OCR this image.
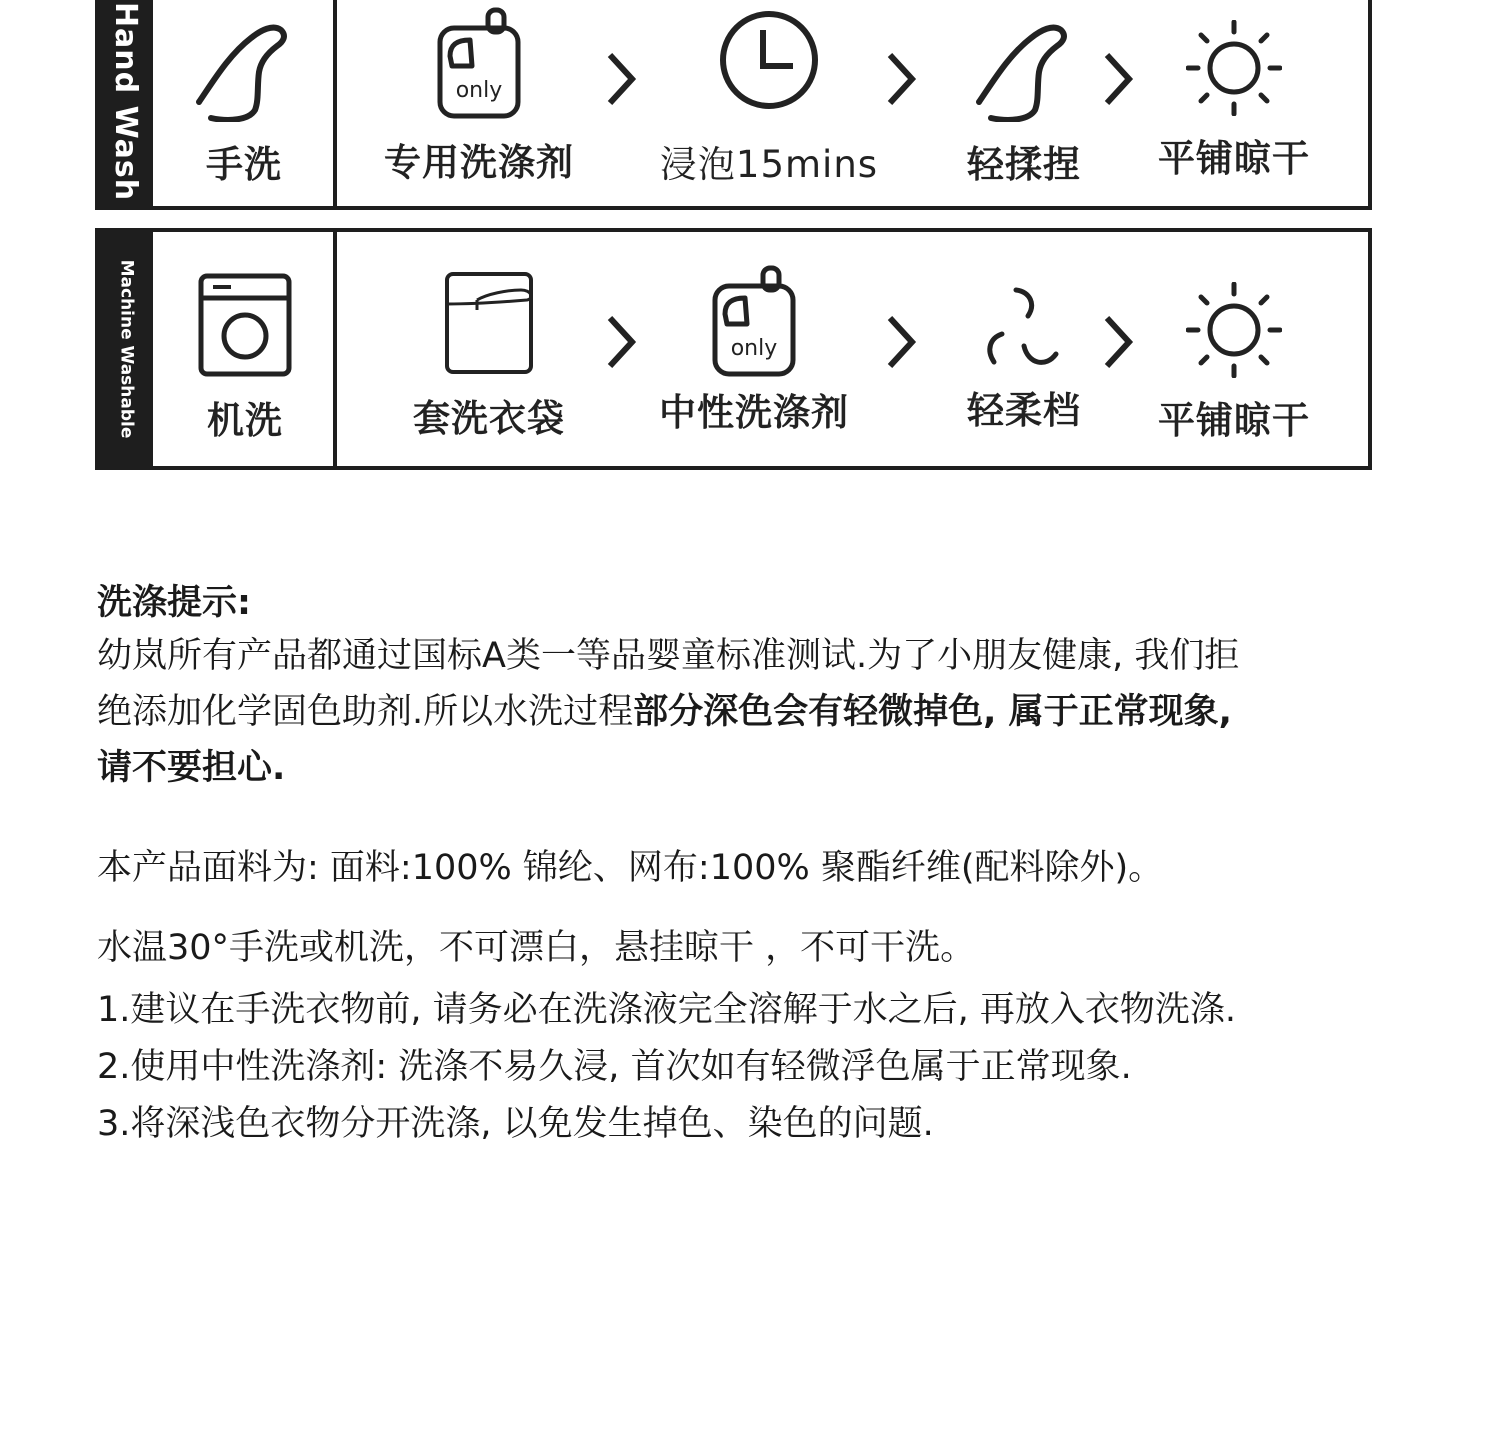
Hand Wash	手洗
only
专用洗涤剂	浸泡15mins	轻揉捏	平铺晾干
Machine Washable	机洗	套洗衣袋
only
中性洗涤剂	轻柔档	平铺晾干
洗涤提示:
幼岚所有产品都通过国标A类一等品婴童标准测试.为了小朋友健康, 我们拒
绝添加化学固色助剂.所以水洗过程部分深色会有轻微掉色, 属于正常现象,
请不要担心.
本产品面料为: 面料:100% 锦纶、网布:100% 聚酯纤维(配料除外)。
水温30°手洗或机洗，不可漂白，悬挂晾干 ，不可干洗。
1.建议在手洗衣物前, 请务必在洗涤液完全溶解于水之后, 再放入衣物洗涤.
2.使用中性洗涤剂: 洗涤不易久浸, 首次如有轻微浮色属于正常现象.
3.将深浅色衣物分开洗涤, 以免发生掉色、染色的问题.
